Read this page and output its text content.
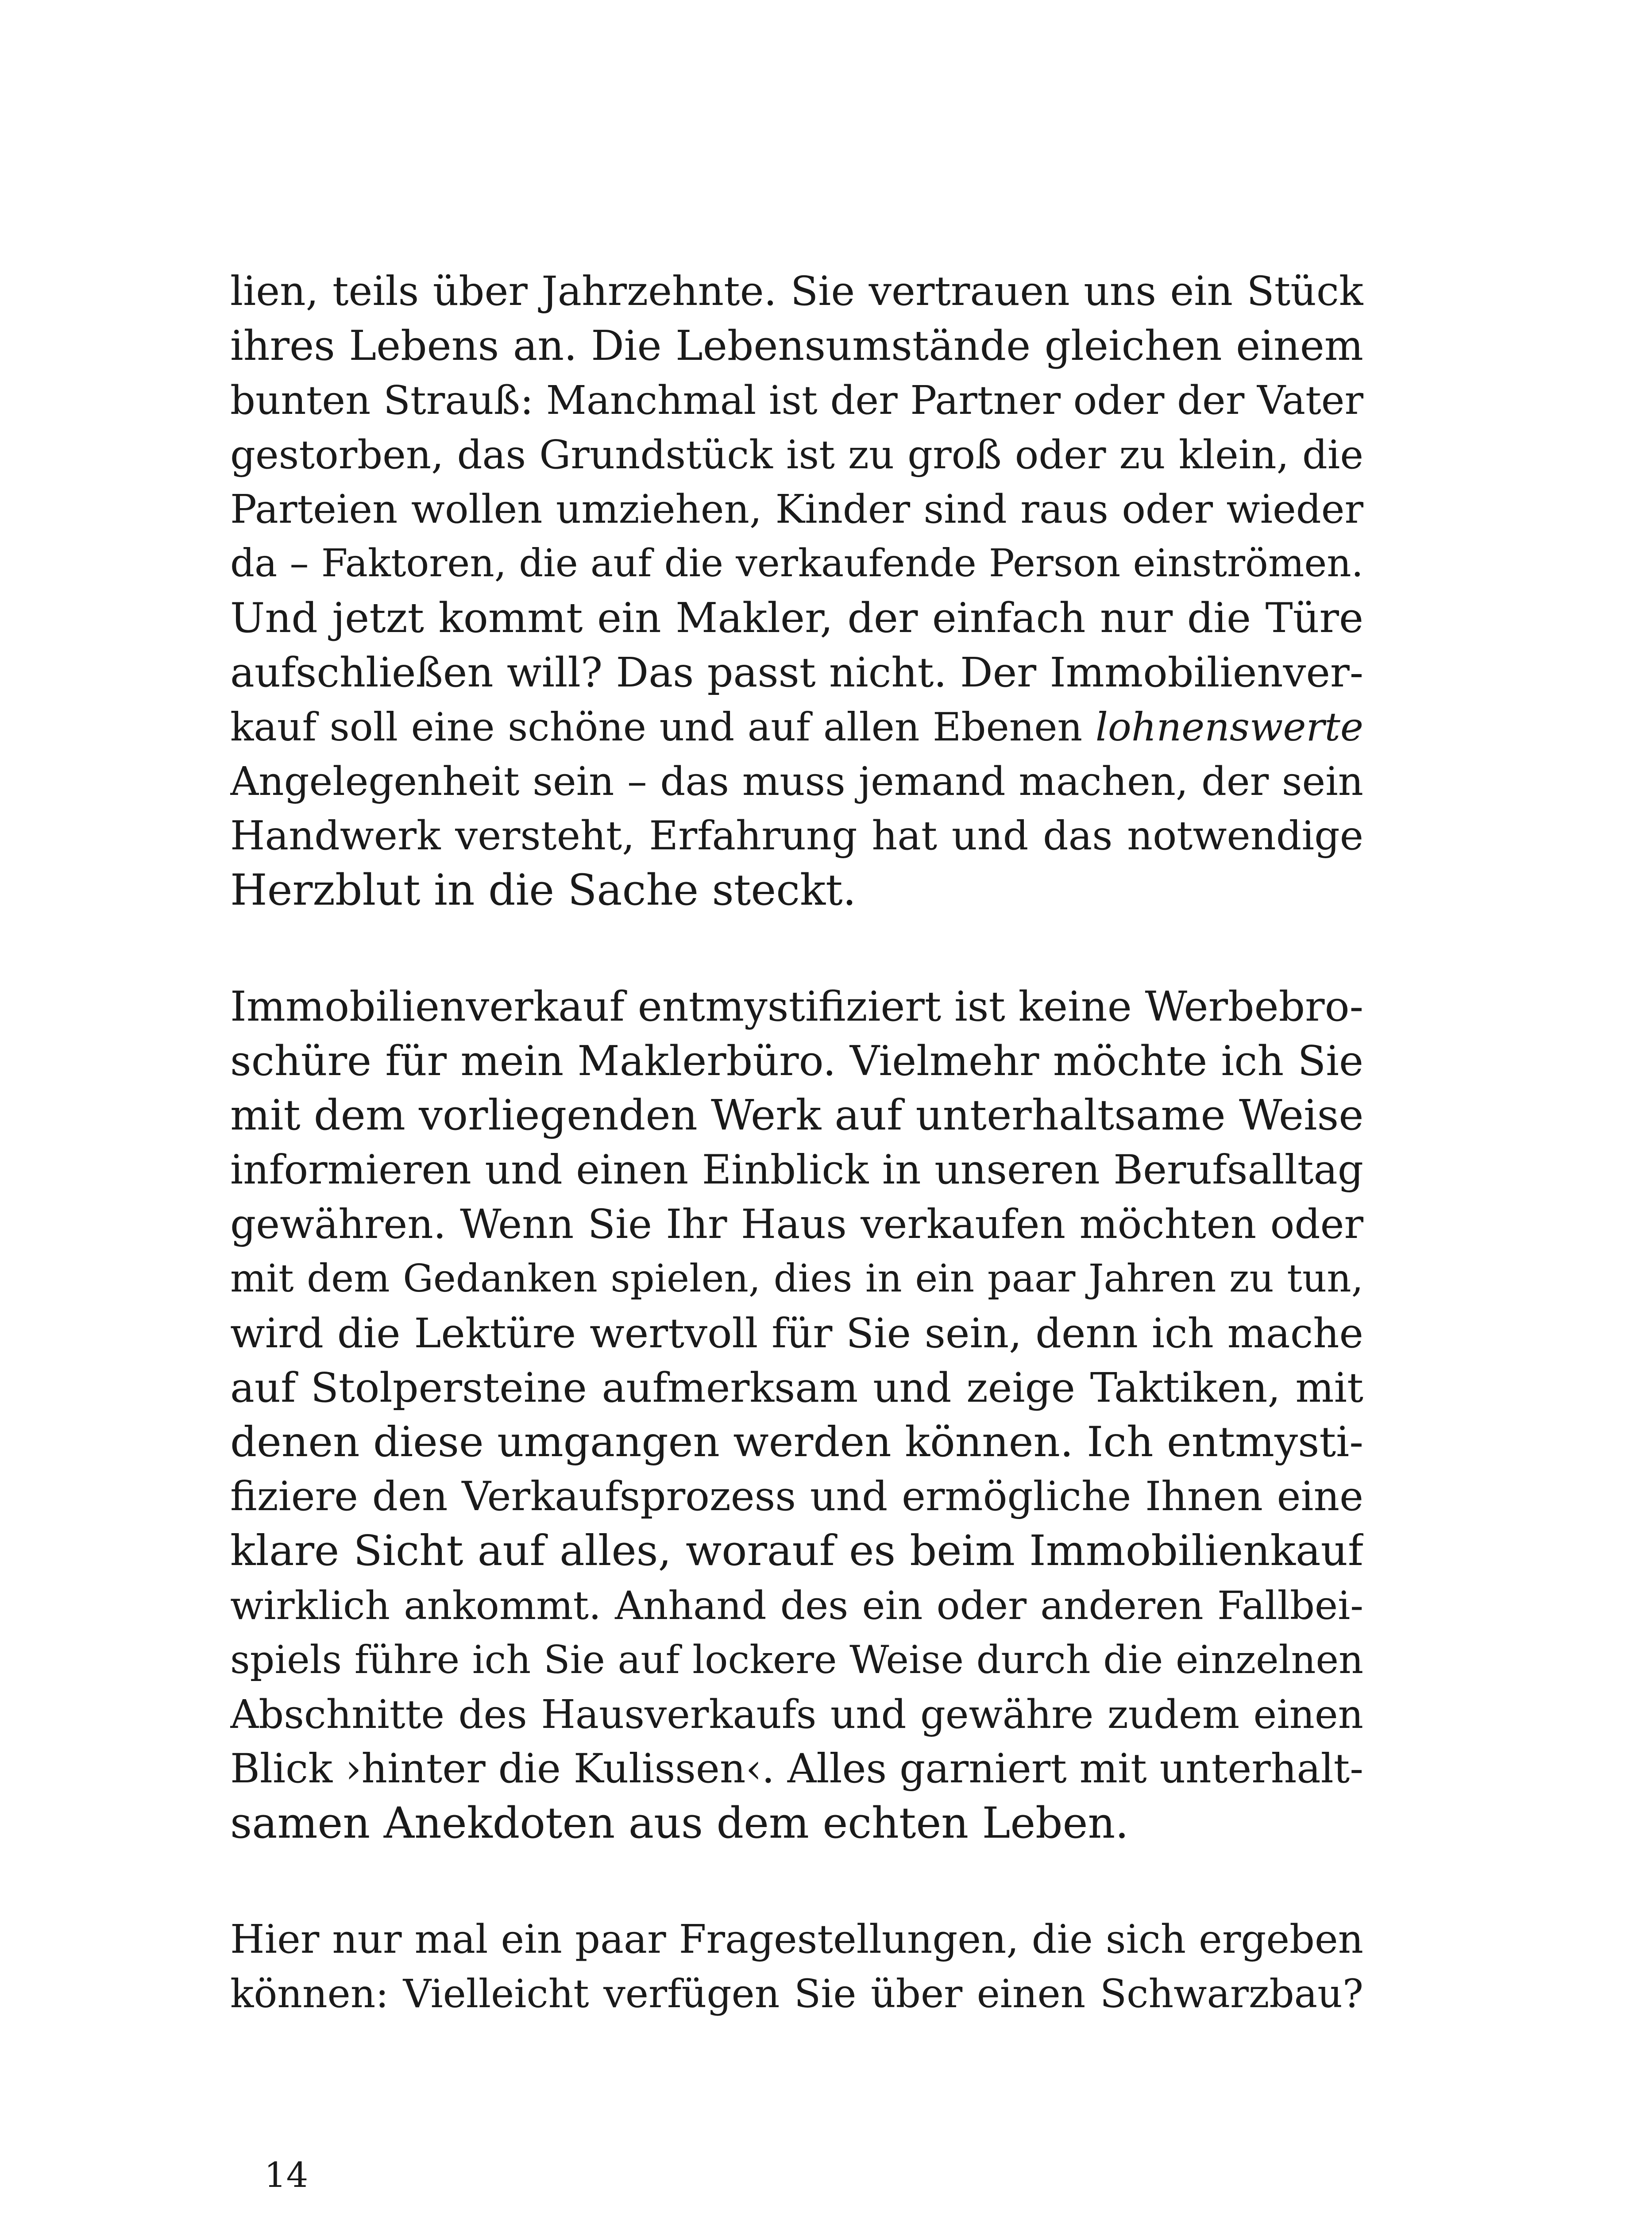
lien, teils über Jahrzehnte. Sie vertrauen uns ein Stück
ihres Lebens an. Die Lebensumstände gleichen einem
bunten Strauß: Manchmal ist der Partner oder der Vater
gestorben, das Grundstück ist zu groß oder zu klein, die
Parteien wollen umziehen, Kinder sind raus oder wieder
da – Faktoren, die auf die verkaufende Person einströmen.
Und jetzt kommt ein Makler, der einfach nur die Türe
aufschließen will? Das passt nicht. Der Immobilienver-
kauf soll eine schöne und auf allen Ebenen lohnenswerte
Angelegenheit sein – das muss jemand machen, der sein
Handwerk versteht, Erfahrung hat und das notwendige
Herzblut in die Sache steckt.
Immobilienverkauf entmystifiziert ist keine Werbebro-
schüre für mein Maklerbüro. Vielmehr möchte ich Sie
mit dem vorliegenden Werk auf unterhaltsame Weise
informieren und einen Einblick in unseren Berufsalltag
gewähren. Wenn Sie Ihr Haus verkaufen möchten oder
mit dem Gedanken spielen, dies in ein paar Jahren zu tun,
wird die Lektüre wertvoll für Sie sein, denn ich mache
auf Stolpersteine aufmerksam und zeige Taktiken, mit
denen diese umgangen werden können. Ich entmysti-
fiziere den Verkaufsprozess und ermögliche Ihnen eine
klare Sicht auf alles, worauf es beim Immobilienkauf
wirklich ankommt. Anhand des ein oder anderen Fallbei-
spiels führe ich Sie auf lockere Weise durch die einzelnen
Abschnitte des Hausverkaufs und gewähre zudem einen
Blick ›hinter die Kulissen‹. Alles garniert mit unterhalt-
samen Anekdoten aus dem echten Leben.
Hier nur mal ein paar Fragestellungen, die sich ergeben
können: Vielleicht verfügen Sie über einen Schwarzbau?
14
